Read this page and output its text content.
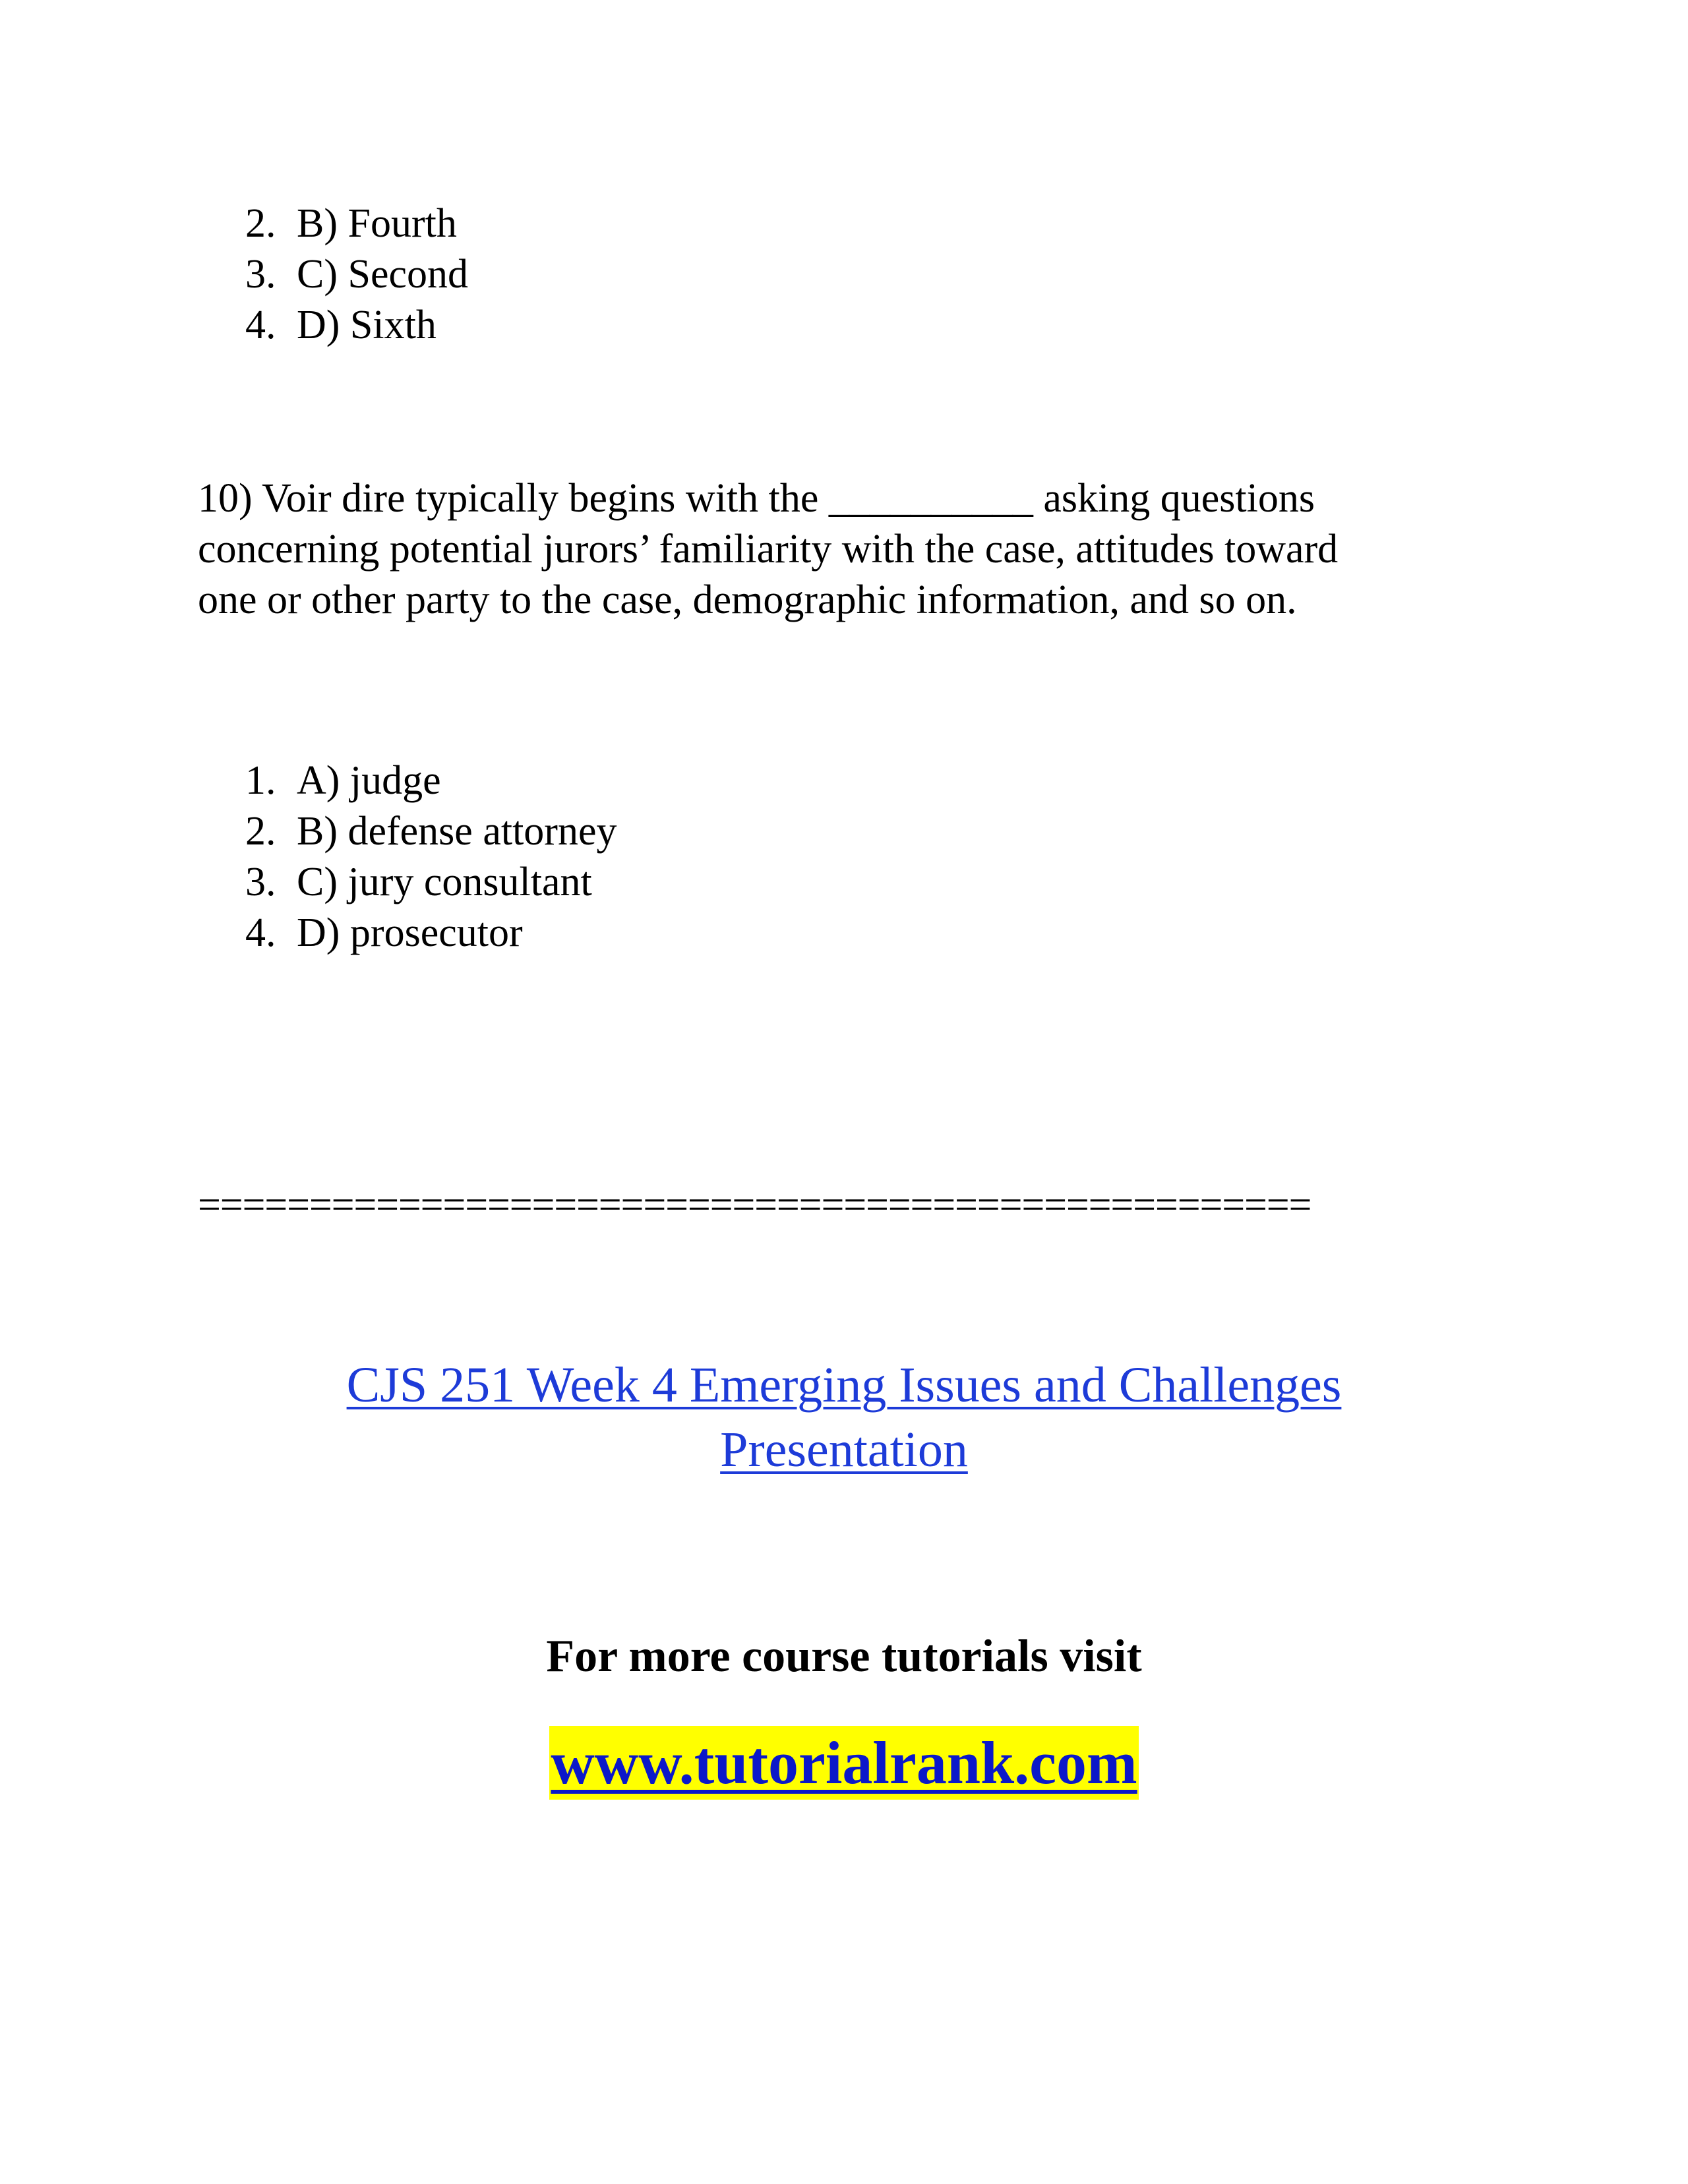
2. B) Fourth
3. C) Second
4. D) Sixth

10) Voir dire typically begins with the __________ asking questions
concerning potential jurors’ familiarity with the case, attitudes toward
one or other party to the case, demographic information, and so on.

1. A) judge
2. B) defense attorney
3. C) jury consultant
4. D) prosecutor
==================================================
CJS 251 Week 4 Emerging Issues and Challenges
Presentation
For more course tutorials visit
www.tutorialrank.com
